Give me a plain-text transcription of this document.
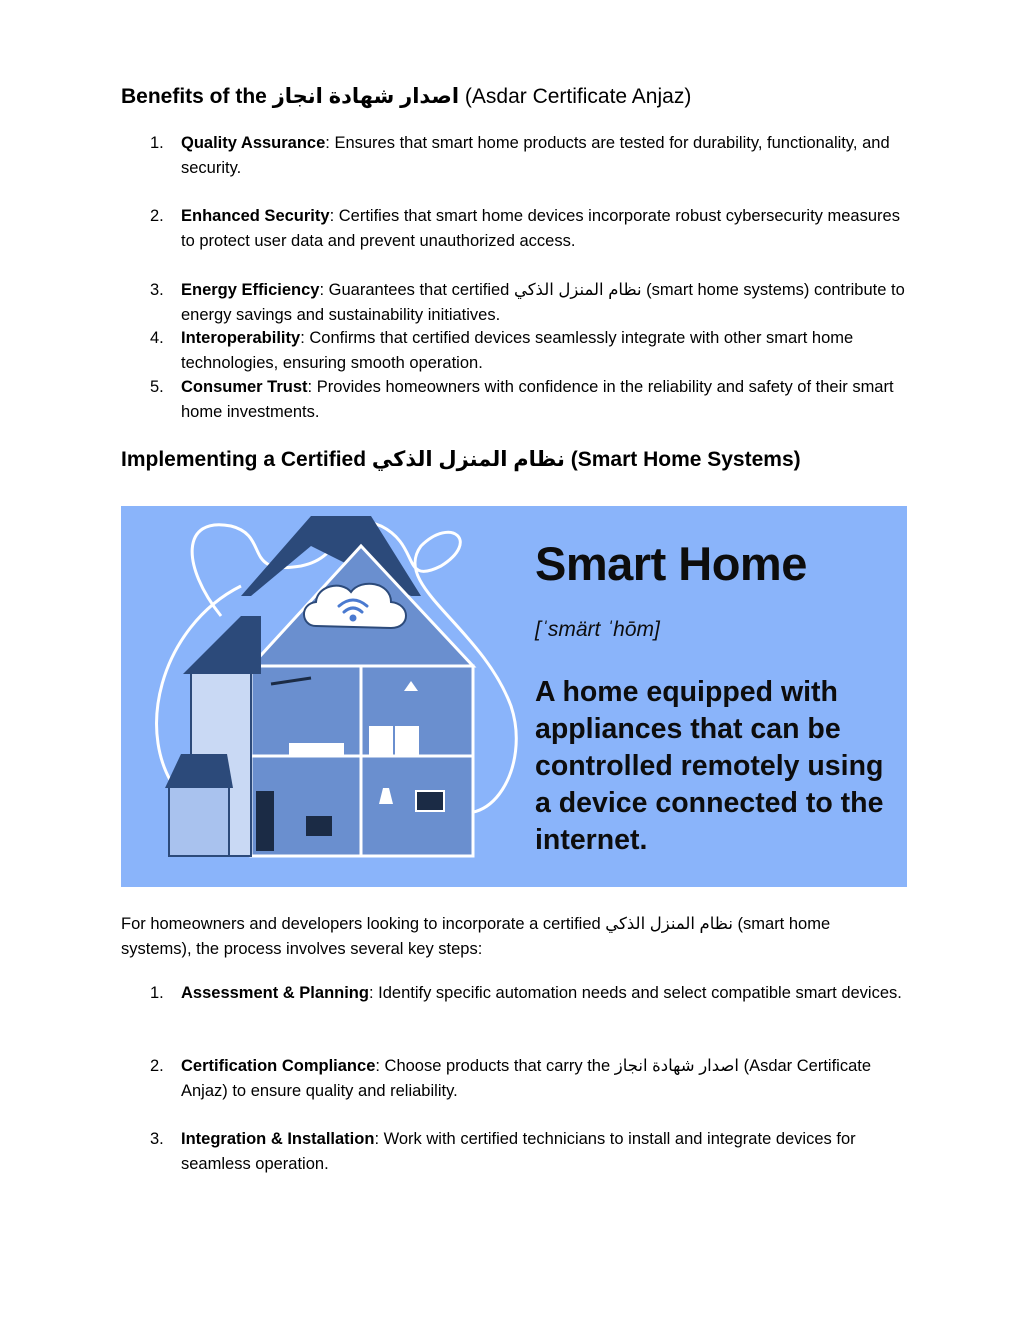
Benefits of the اصدار شهادة انجاز (Asdar Certificate Anjaz)
1.	Quality Assurance: Ensures that smart home products are tested for durability, functionality, and security.
2.	Enhanced Security: Certifies that smart home devices incorporate robust cybersecurity measures to protect user data and prevent unauthorized access.
3.	Energy Efficiency: Guarantees that certified نظام المنزل الذكي (smart home systems) contribute to energy savings and sustainability initiatives.
4.	Interoperability: Confirms that certified devices seamlessly integrate with other smart home technologies, ensuring smooth operation.
5.	Consumer Trust: Provides homeowners with confidence in the reliability and safety of their smart home investments.
Implementing a Certified نظام المنزل الذكي (Smart Home Systems)
Smart Home
[ˈsmärt ˈhōm]
A home equipped with appliances that can be controlled remotely using a device connected to the internet.

For homeowners and developers looking to incorporate a certified نظام المنزل الذكي (smart home systems), the process involves several key steps:

1.	Assessment & Planning: Identify specific automation needs and select compatible smart devices.
2.	Certification Compliance: Choose products that carry the اصدار شهادة انجاز (Asdar Certificate Anjaz) to ensure quality and reliability.
3.	Integration & Installation: Work with certified technicians to install and integrate devices for seamless operation.
